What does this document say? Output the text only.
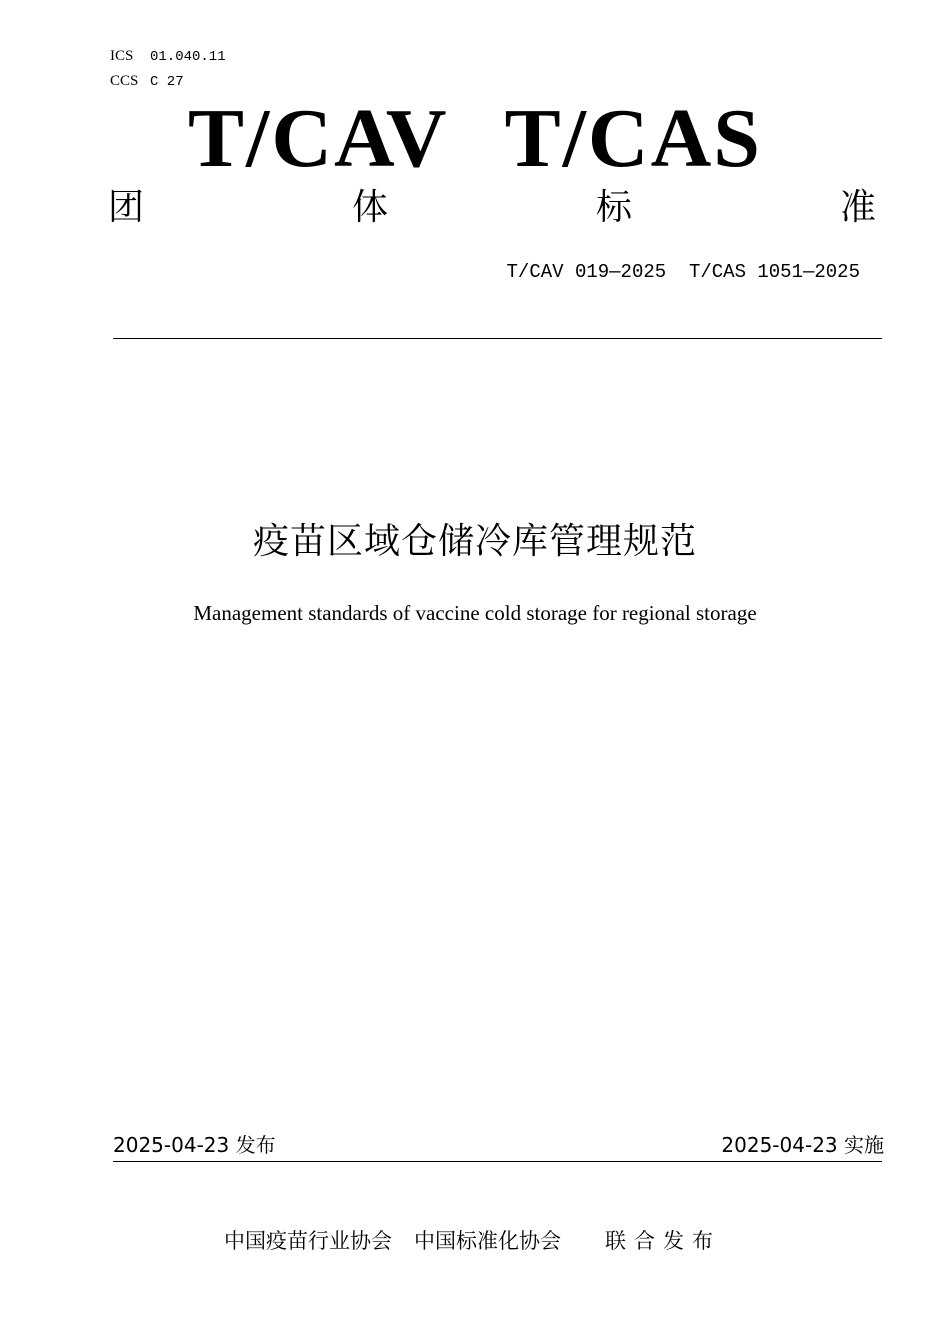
ICS 01.040.11
CCS C 27
T/CAV T/CAS
团	体	标	准
T/CAV 019—2025  T/CAS 1051—2025
疫苗区域仓储冷库管理规范
Management standards of vaccine cold storage for regional storage
2025-04-23 发布	2025-04-23 实施
中国疫苗行业协会 中国标准化协会 联合发布
